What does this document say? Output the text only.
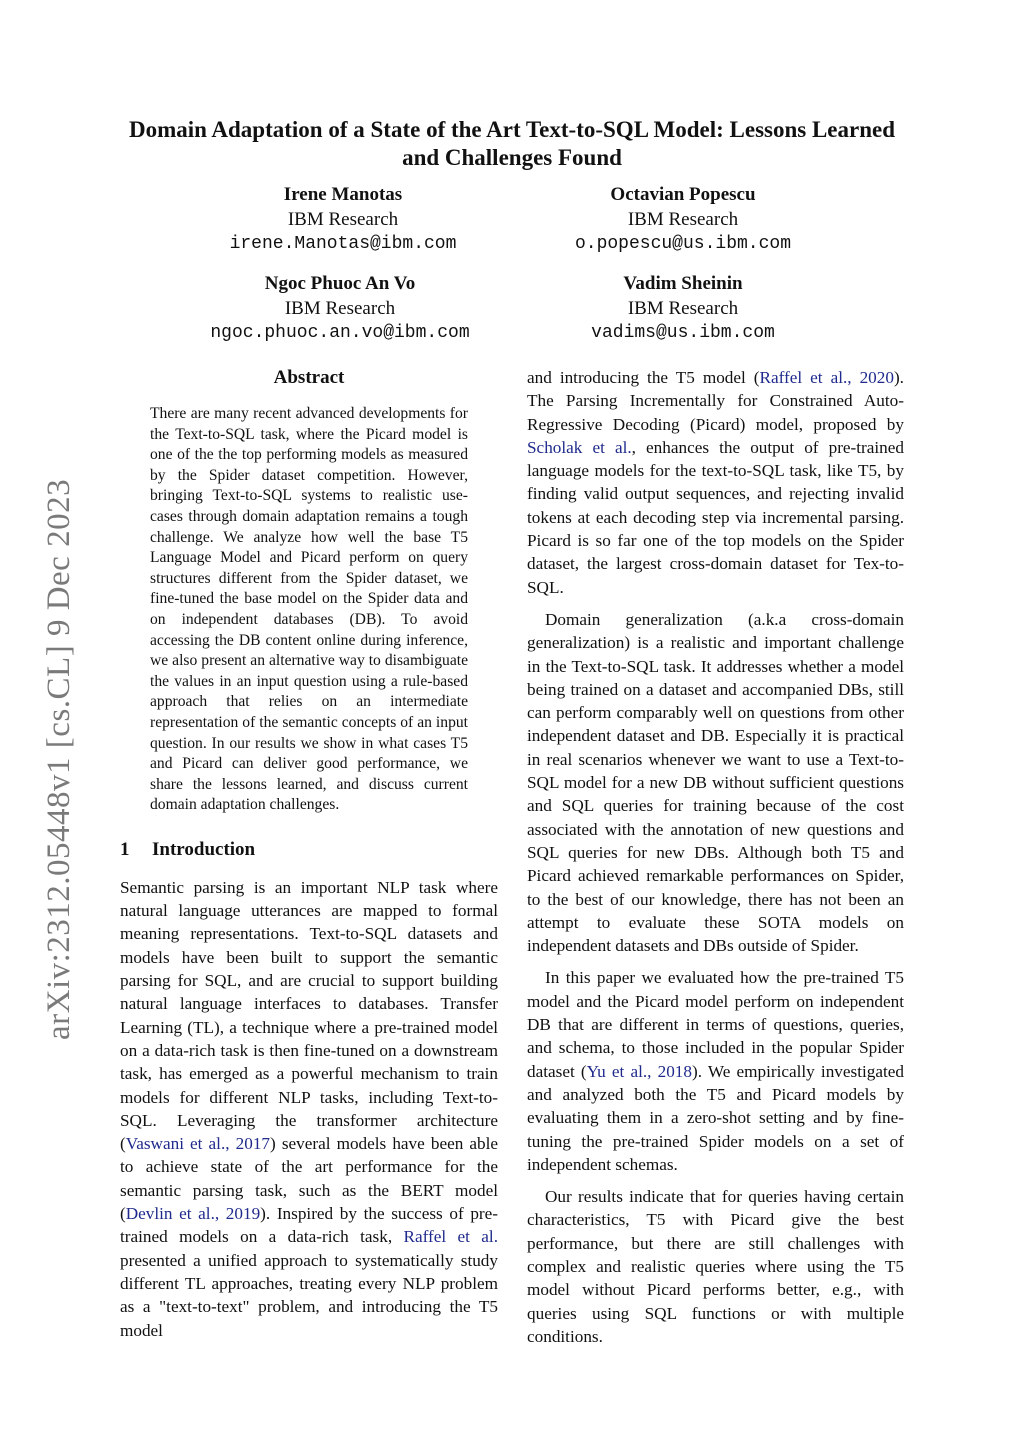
arXiv:2312.05448v1 [cs.CL] 9 Dec 2023
Domain Adaptation of a State of the Art Text-to-SQL Model: Lessons Learned and Challenges Found
Irene Manotas
IBM Research
irene.Manotas@ibm.com
Octavian Popescu
IBM Research
o.popescu@us.ibm.com
Ngoc Phuoc An Vo
IBM Research
ngoc.phuoc.an.vo@ibm.com
Vadim Sheinin
IBM Research
vadims@us.ibm.com
Abstract
There are many recent advanced developments for the Text-to-SQL task, where the Picard model is one of the the top performing models as measured by the Spider dataset competition. However, bringing Text-to-SQL systems to realistic use-cases through domain adaptation remains a tough challenge. We analyze how well the base T5 Language Model and Picard perform on query structures different from the Spider dataset, we fine-tuned the base model on the Spider data and on independent databases (DB). To avoid accessing the DB content online during inference, we also present an alternative way to disambiguate the values in an input question using a rule-based approach that relies on an intermediate representation of the semantic concepts of an input question. In our results we show in what cases T5 and Picard can deliver good performance, we share the lessons learned, and discuss current domain adaptation challenges.
1 Introduction

Semantic parsing is an important NLP task where natural language utterances are mapped to formal meaning representations. Text-to-SQL datasets and models have been built to support the semantic parsing for SQL, and are crucial to support building natural language interfaces to databases. Transfer Learning (TL), a technique where a pre-trained model on a data-rich task is then fine-tuned on a downstream task, has emerged as a powerful mechanism to train models for different NLP tasks, including Text-to-SQL. Leveraging the transformer architecture (Vaswani et al., 2017) several models have been able to achieve state of the art performance for the semantic parsing task, such as the BERT model (Devlin et al., 2019). Inspired by the success of pre-trained models on a data-rich task, Raffel et al. presented a unified approach to systematically study different TL approaches, treating every NLP problem as a "text-to-text" problem, and introducing the T5 model

and introducing the T5 model (Raffel et al., 2020). The Parsing Incrementally for Constrained Auto-Regressive Decoding (Picard) model, proposed by Scholak et al., enhances the output of pre-trained language models for the text-to-SQL task, like T5, by finding valid output sequences, and rejecting invalid tokens at each decoding step via incremental parsing. Picard is so far one of the top models on the Spider dataset, the largest cross-domain dataset for Tex-to-SQL.

Domain generalization (a.k.a cross-domain generalization) is a realistic and important challenge in the Text-to-SQL task. It addresses whether a model being trained on a dataset and accompanied DBs, still can perform comparably well on questions from other independent dataset and DB. Especially it is practical in real scenarios whenever we want to use a Text-to-SQL model for a new DB without sufficient questions and SQL queries for training because of the cost associated with the annotation of new questions and SQL queries for new DBs. Although both T5 and Picard achieved remarkable performances on Spider, to the best of our knowledge, there has not been an attempt to evaluate these SOTA models on independent datasets and DBs outside of Spider.

In this paper we evaluated how the pre-trained T5 model and the Picard model perform on independent DB that are different in terms of questions, queries, and schema, to those included in the popular Spider dataset (Yu et al., 2018). We empirically investigated and analyzed both the T5 and Picard models by evaluating them in a zero-shot setting and by fine-tuning the pre-trained Spider models on a set of independent schemas.

Our results indicate that for queries having certain characteristics, T5 with Picard give the best performance, but there are still challenges with complex and realistic queries where using the T5 model without Picard performs better, e.g., with queries using SQL functions or with multiple conditions.
